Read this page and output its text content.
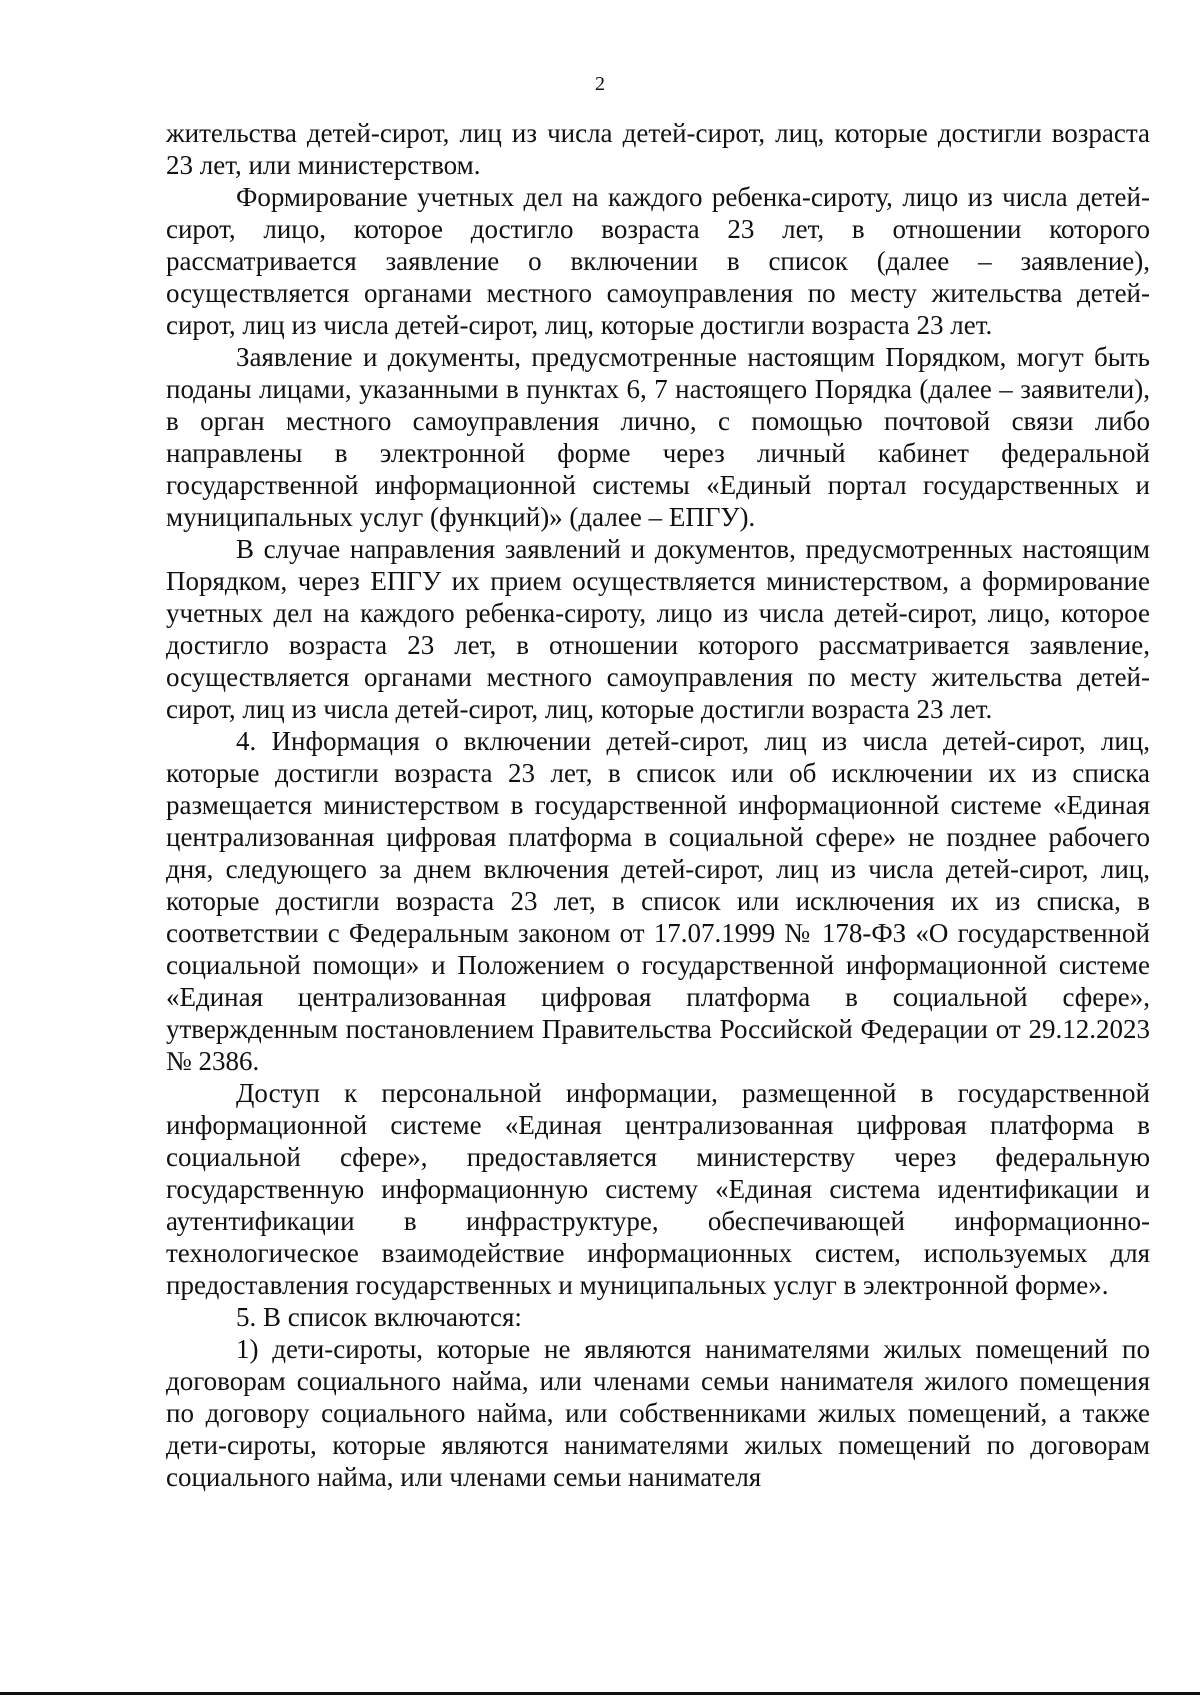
2

жительства детей-сирот, лиц из числа детей-сирот, лиц, которые достигли возраста 23 лет, или министерством.

Формирование учетных дел на каждого ребенка-сироту, лицо из числа детей-сирот, лицо, которое достигло возраста 23 лет, в отношении которого рассматривается заявление о включении в список (далее – заявление), осуществляется органами местного самоуправления по месту жительства детей-сирот, лиц из числа детей-сирот, лиц, которые достигли возраста 23 лет.

Заявление и документы, предусмотренные настоящим Порядком, могут быть поданы лицами, указанными в пунктах 6, 7 настоящего Порядка (далее – заявители), в орган местного самоуправления лично, с помощью почтовой связи либо направлены в электронной форме через личный кабинет федеральной государственной информационной системы «Единый портал государственных и муниципальных услуг (функций)» (далее – ЕПГУ).

В случае направления заявлений и документов, предусмотренных настоящим Порядком, через ЕПГУ их прием осуществляется министерством, а формирование учетных дел на каждого ребенка-сироту, лицо из числа детей-сирот, лицо, которое достигло возраста 23 лет, в отношении которого рассматривается заявление, осуществляется органами местного самоуправления по месту жительства детей-сирот, лиц из числа детей-сирот, лиц, которые достигли возраста 23 лет.

4. Информация о включении детей-сирот, лиц из числа детей-сирот, лиц, которые достигли возраста 23 лет, в список или об исключении их из списка размещается министерством в государственной информационной системе «Единая централизованная цифровая платформа в социальной сфере» не позднее рабочего дня, следующего за днем включения детей-сирот, лиц из числа детей-сирот, лиц, которые достигли возраста 23 лет, в список или исключения их из списка, в соответствии с Федеральным законом от 17.07.1999 № 178-ФЗ «О государственной социальной помощи» и Положением о государственной информационной системе «Единая централизованная цифровая платформа в социальной сфере», утвержденным постановлением Правительства Российской Федерации от 29.12.2023 № 2386.

Доступ к персональной информации, размещенной в государственной информационной системе «Единая централизованная цифровая платформа в социальной сфере», предоставляется министерству через федеральную государственную информационную систему «Единая система идентификации и аутентификации в инфраструктуре, обеспечивающей информационно-технологическое взаимодействие информационных систем, используемых для предоставления государственных и муниципальных услуг в электронной форме».

5. В список включаются:

1) дети-сироты, которые не являются нанимателями жилых помещений по договорам социального найма, или членами семьи нанимателя жилого помещения по договору социального найма, или собственниками жилых помещений, а также дети-сироты, которые являются нанимателями жилых помещений по договорам социального найма, или членами семьи нанимателя
